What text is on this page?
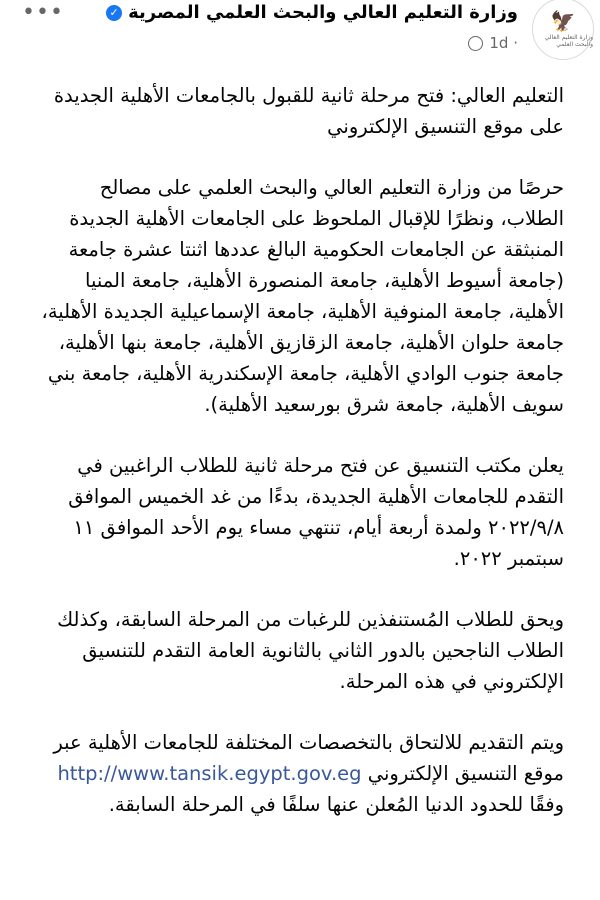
🦅
وزارة التعليم العالي والبحث العلمي
وزارة التعليم العالي والبحث العلمي المصرية
✓
1d ·
•••

التعليم العالي: فتح مرحلة ثانية للقبول بالجامعات الأهلية الجديدة على موقع التنسيق الإلكتروني

حرصًا من وزارة التعليم العالي والبحث العلمي على مصالح الطلاب، ونظرًا للإقبال الملحوظ على الجامعات الأهلية الجديدة المنبثقة عن الجامعات الحكومية البالغ عددها اثنتا عشرة جامعة (جامعة أسيوط الأهلية، جامعة المنصورة الأهلية، جامعة المنيا الأهلية، جامعة المنوفية الأهلية، جامعة الإسماعيلية الجديدة الأهلية، جامعة حلوان الأهلية، جامعة الزقازيق الأهلية، جامعة بنها الأهلية، جامعة جنوب الوادي الأهلية، جامعة الإسكندرية الأهلية، جامعة بني سويف الأهلية، جامعة شرق بورسعيد الأهلية).

يعلن مكتب التنسيق عن فتح مرحلة ثانية للطلاب الراغبين في التقدم للجامعات الأهلية الجديدة، بدءًا من غد الخميس الموافق ٢٠٢٢/٩/٨ ولمدة أربعة أيام، تنتهي مساء يوم الأحد الموافق ١١ سبتمبر ٢٠٢٢.

ويحق للطلاب المُستنفذين للرغبات من المرحلة السابقة، وكذلك الطلاب الناجحين بالدور الثاني بالثانوية العامة التقدم للتنسيق الإلكتروني في هذه المرحلة.

ويتم التقديم للالتحاق بالتخصصات المختلفة للجامعات الأهلية عبر موقع التنسيق الإلكتروني http://www.tansik.egypt.gov.eg وفقًا للحدود الدنيا المُعلن عنها سلفًا في المرحلة السابقة.
